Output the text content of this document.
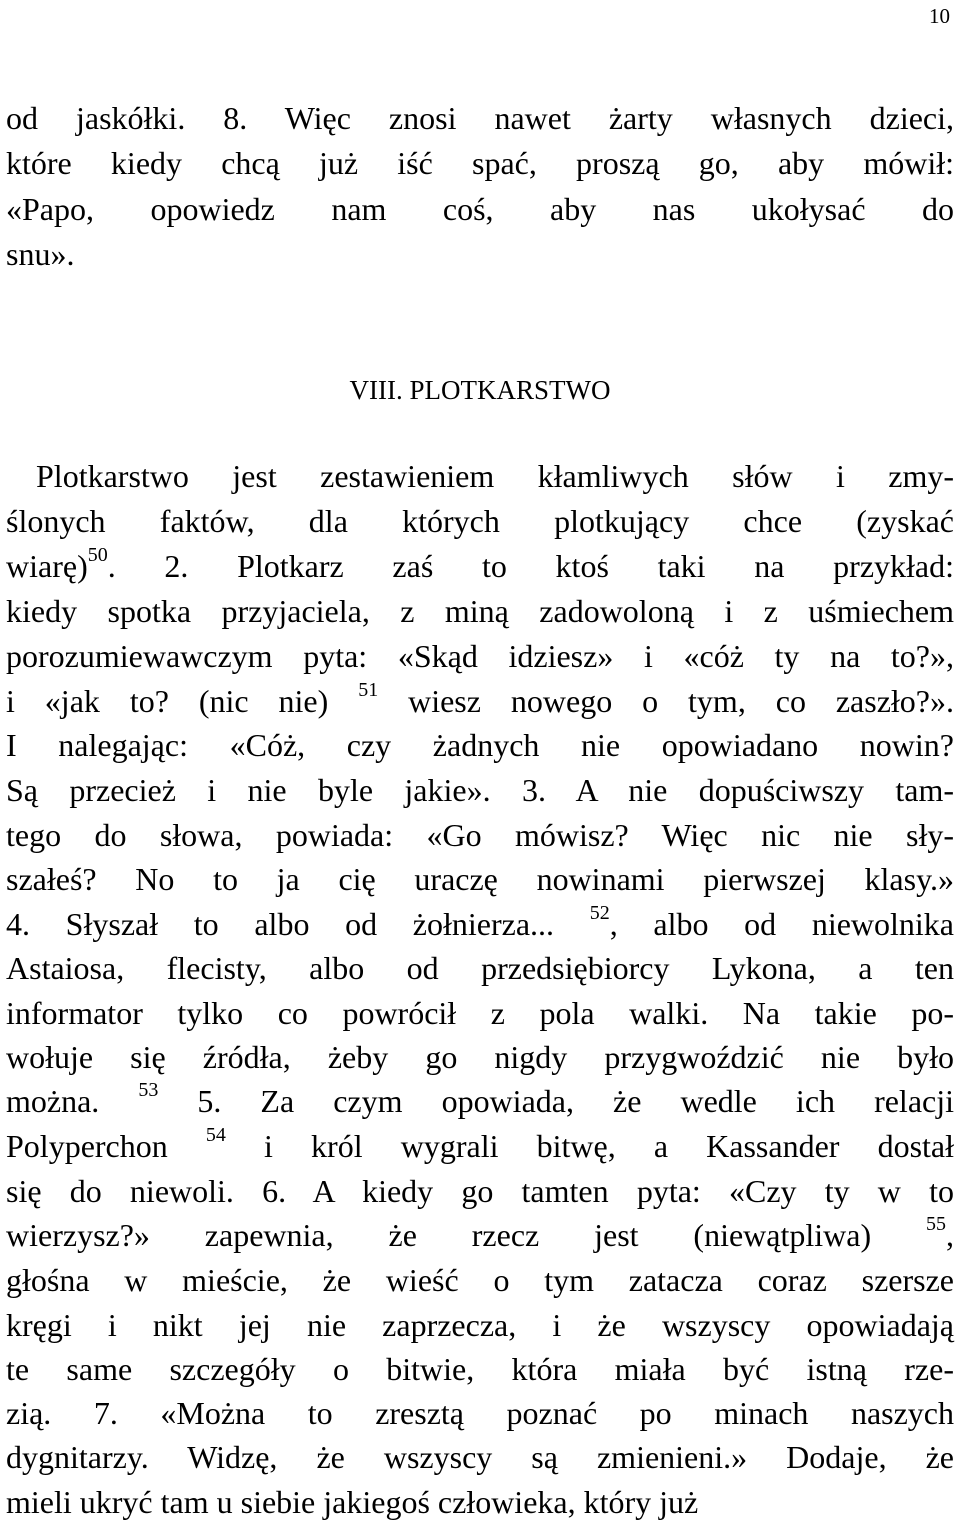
10
od jaskółki. 8. Więc znosi nawet żarty własnych dzieci,
które kiedy chcą już iść spać, proszą go, aby mówił:
«Papo, opowiedz nam coś, aby nas ukołysać do
snu».
VIII. PLOTKARSTWO
Plotkarstwo jest zestawieniem kłamliwych słów i zmy-
ślonych faktów, dla których plotkujący chce (zyskać
wiarę)$^{50}$. 2. Plotkarz zaś to ktoś taki na przykład:
kiedy spotka przyjaciela, z miną zadowoloną i z uśmiechem
porozumiewawczym pyta: «Skąd idziesz» i «cóż ty na to?»,
i «jak to? (nic nie) $^{51}$ wiesz nowego o tym, co zaszło?».
I nalegając: «Cóż, czy żadnych nie opowiadano nowin?
Są przecież i nie byle jakie». 3. A nie dopuściwszy tam-
tego do słowa, powiada: «Go mówisz? Więc nic nie sły-
szałeś? No to ja cię uraczę nowinami pierwszej klasy.»
4. Słyszał to albo od żołnierza... $^{52}$, albo od niewolnika
Astaiosa, flecisty, albo od przedsiębiorcy Lykona, a ten
informator tylko co powrócił z pola walki. Na takie po-
wołuje się źródła, żeby go nigdy przygwoździć nie było
można. $^{53}$ 5. Za czym opowiada, że wedle ich relacji
Polyperchon $^{54}$ i król wygrali bitwę, a Kassander dostał
się do niewoli. 6. A kiedy go tamten pyta: «Czy ty w to
wierzysz?» zapewnia, że rzecz jest (niewątpliwa) $^{55}$,
głośna w mieście, że wieść o tym zatacza coraz szersze
kręgi i nikt jej nie zaprzecza, i że wszyscy opowiadają
te same szczegóły o bitwie, która miała być istną rze-
zią. 7. «Można to zresztą poznać po minach naszych
dygnitarzy. Widzę, że wszyscy są zmienieni.» Dodaje, że
mieli ukryć tam u siebie jakiegoś człowieka, który już
